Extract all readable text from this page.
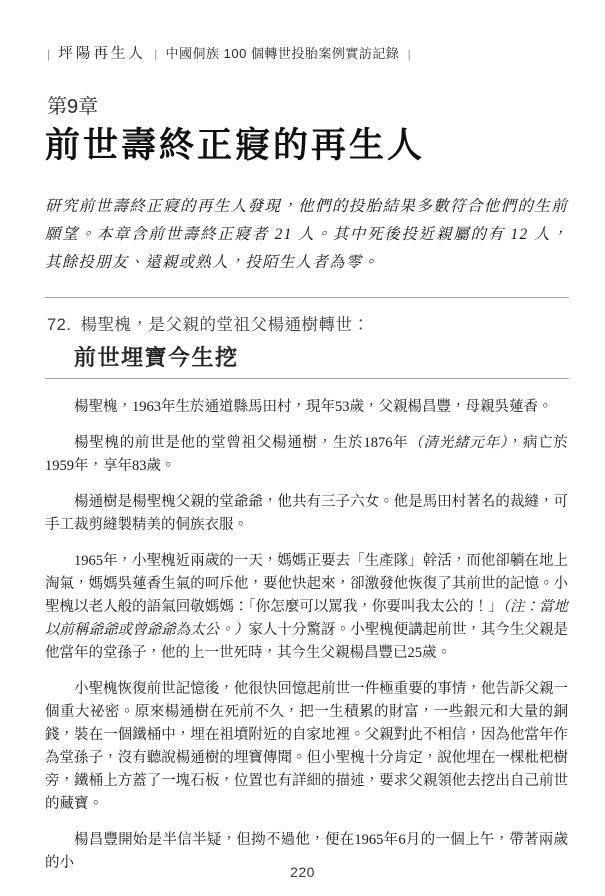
| 坪陽再生人 | 中國侗族 100 個轉世投胎案例實訪記錄 |
第9章
前世壽終正寢的再生人

研究前世壽終正寢的再生人發現，他們的投胎結果多數符合他們的生前願望。本章含前世壽終正寢者 21 人。其中死後投近親屬的有 12 人，其餘投朋友、遠親或熟人，投陌生人者為零。

72. 楊聖槐，是父親的堂祖父楊通樹轉世：
前世埋寶今生挖

楊聖槐，1963年生於通道縣馬田村，現年53歲，父親楊昌豐，母親吳蓮香。

楊聖槐的前世是他的堂曾祖父楊通樹，生於1876年（清光緒元年），病亡於1959年，享年83歲。

楊通樹是楊聖槐父親的堂爺爺，他共有三子六女。他是馬田村著名的裁縫，可手工裁剪縫製精美的侗族衣服。

1965年，小聖槐近兩歲的一天，媽媽正要去「生產隊」幹活，而他卻躺在地上淘氣，媽媽吳蓮香生氣的呵斥他，要他快起來，卻激發他恢復了其前世的記憶。小聖槐以老人般的語氣回敬媽媽：「你怎麼可以罵我，你要叫我太公的！」（注：當地以前稱爺爺或曾爺爺為太公。）家人十分驚訝。小聖槐便講起前世，其今生父親是他當年的堂孫子，他的上一世死時，其今生父親楊昌豐已25歲。

小聖槐恢復前世記憶後，他很快回憶起前世一件極重要的事情，他告訴父親一個重大祕密。原來楊通樹在死前不久，把一生積累的財富，一些銀元和大量的銅錢，裝在一個鐵桶中，埋在祖墳附近的自家地裡。父親對此不相信，因為他當年作為堂孫子，沒有聽說楊通樹的埋寶傳聞。但小聖槐十分肯定，說他埋在一棵枇杷樹旁，鐵桶上方蓋了一塊石板，位置也有詳細的描述，要求父親領他去挖出自己前世的藏寶。

楊昌豐開始是半信半疑，但拗不過他，便在1965年6月的一個上午，帶著兩歲的小

220
